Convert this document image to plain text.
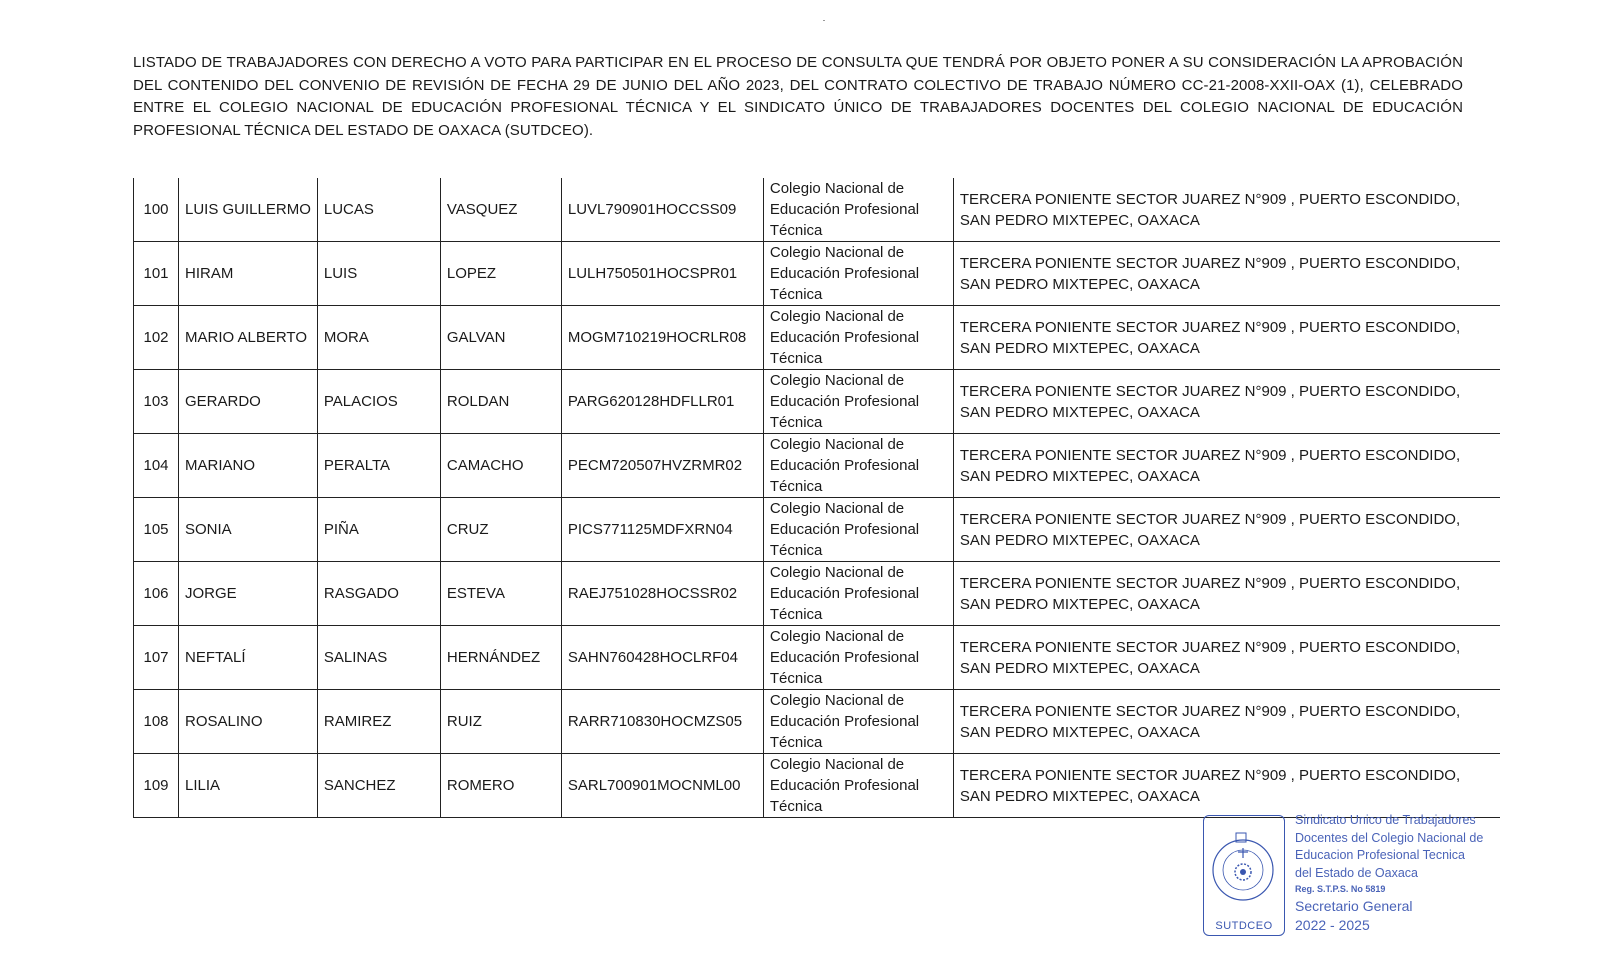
LISTADO DE TRABAJADORES CON DERECHO A VOTO PARA PARTICIPAR EN EL PROCESO DE CONSULTA QUE TENDRÁ POR OBJETO PONER A SU CONSIDERACIÓN LA APROBACIÓN DEL CONTENIDO DEL CONVENIO DE REVISIÓN DE FECHA 29 DE JUNIO DEL AÑO 2023, DEL CONTRATO COLECTIVO DE TRABAJO NÚMERO CC-21-2008-XXII-OAX (1), CELEBRADO ENTRE EL COLEGIO NACIONAL DE EDUCACIÓN PROFESIONAL TÉCNICA Y EL SINDICATO ÚNICO DE TRABAJADORES DOCENTES DEL COLEGIO NACIONAL DE EDUCACIÓN PROFESIONAL TÉCNICA DEL ESTADO DE OAXACA (SUTDCEO).
100	LUIS GUILLERMO	LUCAS	VASQUEZ	LUVL790901HOCCSS09	Colegio Nacional de Educación Profesional Técnica	TERCERA PONIENTE SECTOR JUAREZ N°909 , PUERTO ESCONDIDO, SAN PEDRO MIXTEPEC, OAXACA
101	HIRAM	LUIS	LOPEZ	LULH750501HOCSPR01	Colegio Nacional de Educación Profesional Técnica	TERCERA PONIENTE SECTOR JUAREZ N°909 , PUERTO ESCONDIDO, SAN PEDRO MIXTEPEC, OAXACA
102	MARIO ALBERTO	MORA	GALVAN	MOGM710219HOCRLR08	Colegio Nacional de Educación Profesional Técnica	TERCERA PONIENTE SECTOR JUAREZ N°909 , PUERTO ESCONDIDO, SAN PEDRO MIXTEPEC, OAXACA
103	GERARDO	PALACIOS	ROLDAN	PARG620128HDFLLR01	Colegio Nacional de Educación Profesional Técnica	TERCERA PONIENTE SECTOR JUAREZ N°909 , PUERTO ESCONDIDO, SAN PEDRO MIXTEPEC, OAXACA
104	MARIANO	PERALTA	CAMACHO	PECM720507HVZRMR02	Colegio Nacional de Educación Profesional Técnica	TERCERA PONIENTE SECTOR JUAREZ N°909 , PUERTO ESCONDIDO, SAN PEDRO MIXTEPEC, OAXACA
105	SONIA	PIÑA	CRUZ	PICS771125MDFXRN04	Colegio Nacional de Educación Profesional Técnica	TERCERA PONIENTE SECTOR JUAREZ N°909 , PUERTO ESCONDIDO, SAN PEDRO MIXTEPEC, OAXACA
106	JORGE	RASGADO	ESTEVA	RAEJ751028HOCSSR02	Colegio Nacional de Educación Profesional Técnica	TERCERA PONIENTE SECTOR JUAREZ N°909 , PUERTO ESCONDIDO, SAN PEDRO MIXTEPEC, OAXACA
107	NEFTALÍ	SALINAS	HERNÁNDEZ	SAHN760428HOCLRF04	Colegio Nacional de Educación Profesional Técnica	TERCERA PONIENTE SECTOR JUAREZ N°909 , PUERTO ESCONDIDO, SAN PEDRO MIXTEPEC, OAXACA
108	ROSALINO	RAMIREZ	RUIZ	RARR710830HOCMZS05	Colegio Nacional de Educación Profesional Técnica	TERCERA PONIENTE SECTOR JUAREZ N°909 , PUERTO ESCONDIDO, SAN PEDRO MIXTEPEC, OAXACA
109	LILIA	SANCHEZ	ROMERO	SARL700901MOCNML00	Colegio Nacional de Educación Profesional Técnica	TERCERA PONIENTE SECTOR JUAREZ N°909 , PUERTO ESCONDIDO, SAN PEDRO MIXTEPEC, OAXACA
SUTDCEO
Sindicato Unico de Trabajadores
Docentes del Colegio Nacional de
Educacion Profesional Tecnica
del Estado de Oaxaca
Reg. S.T.P.S. No 5819
Secretario General
2022 - 2025
